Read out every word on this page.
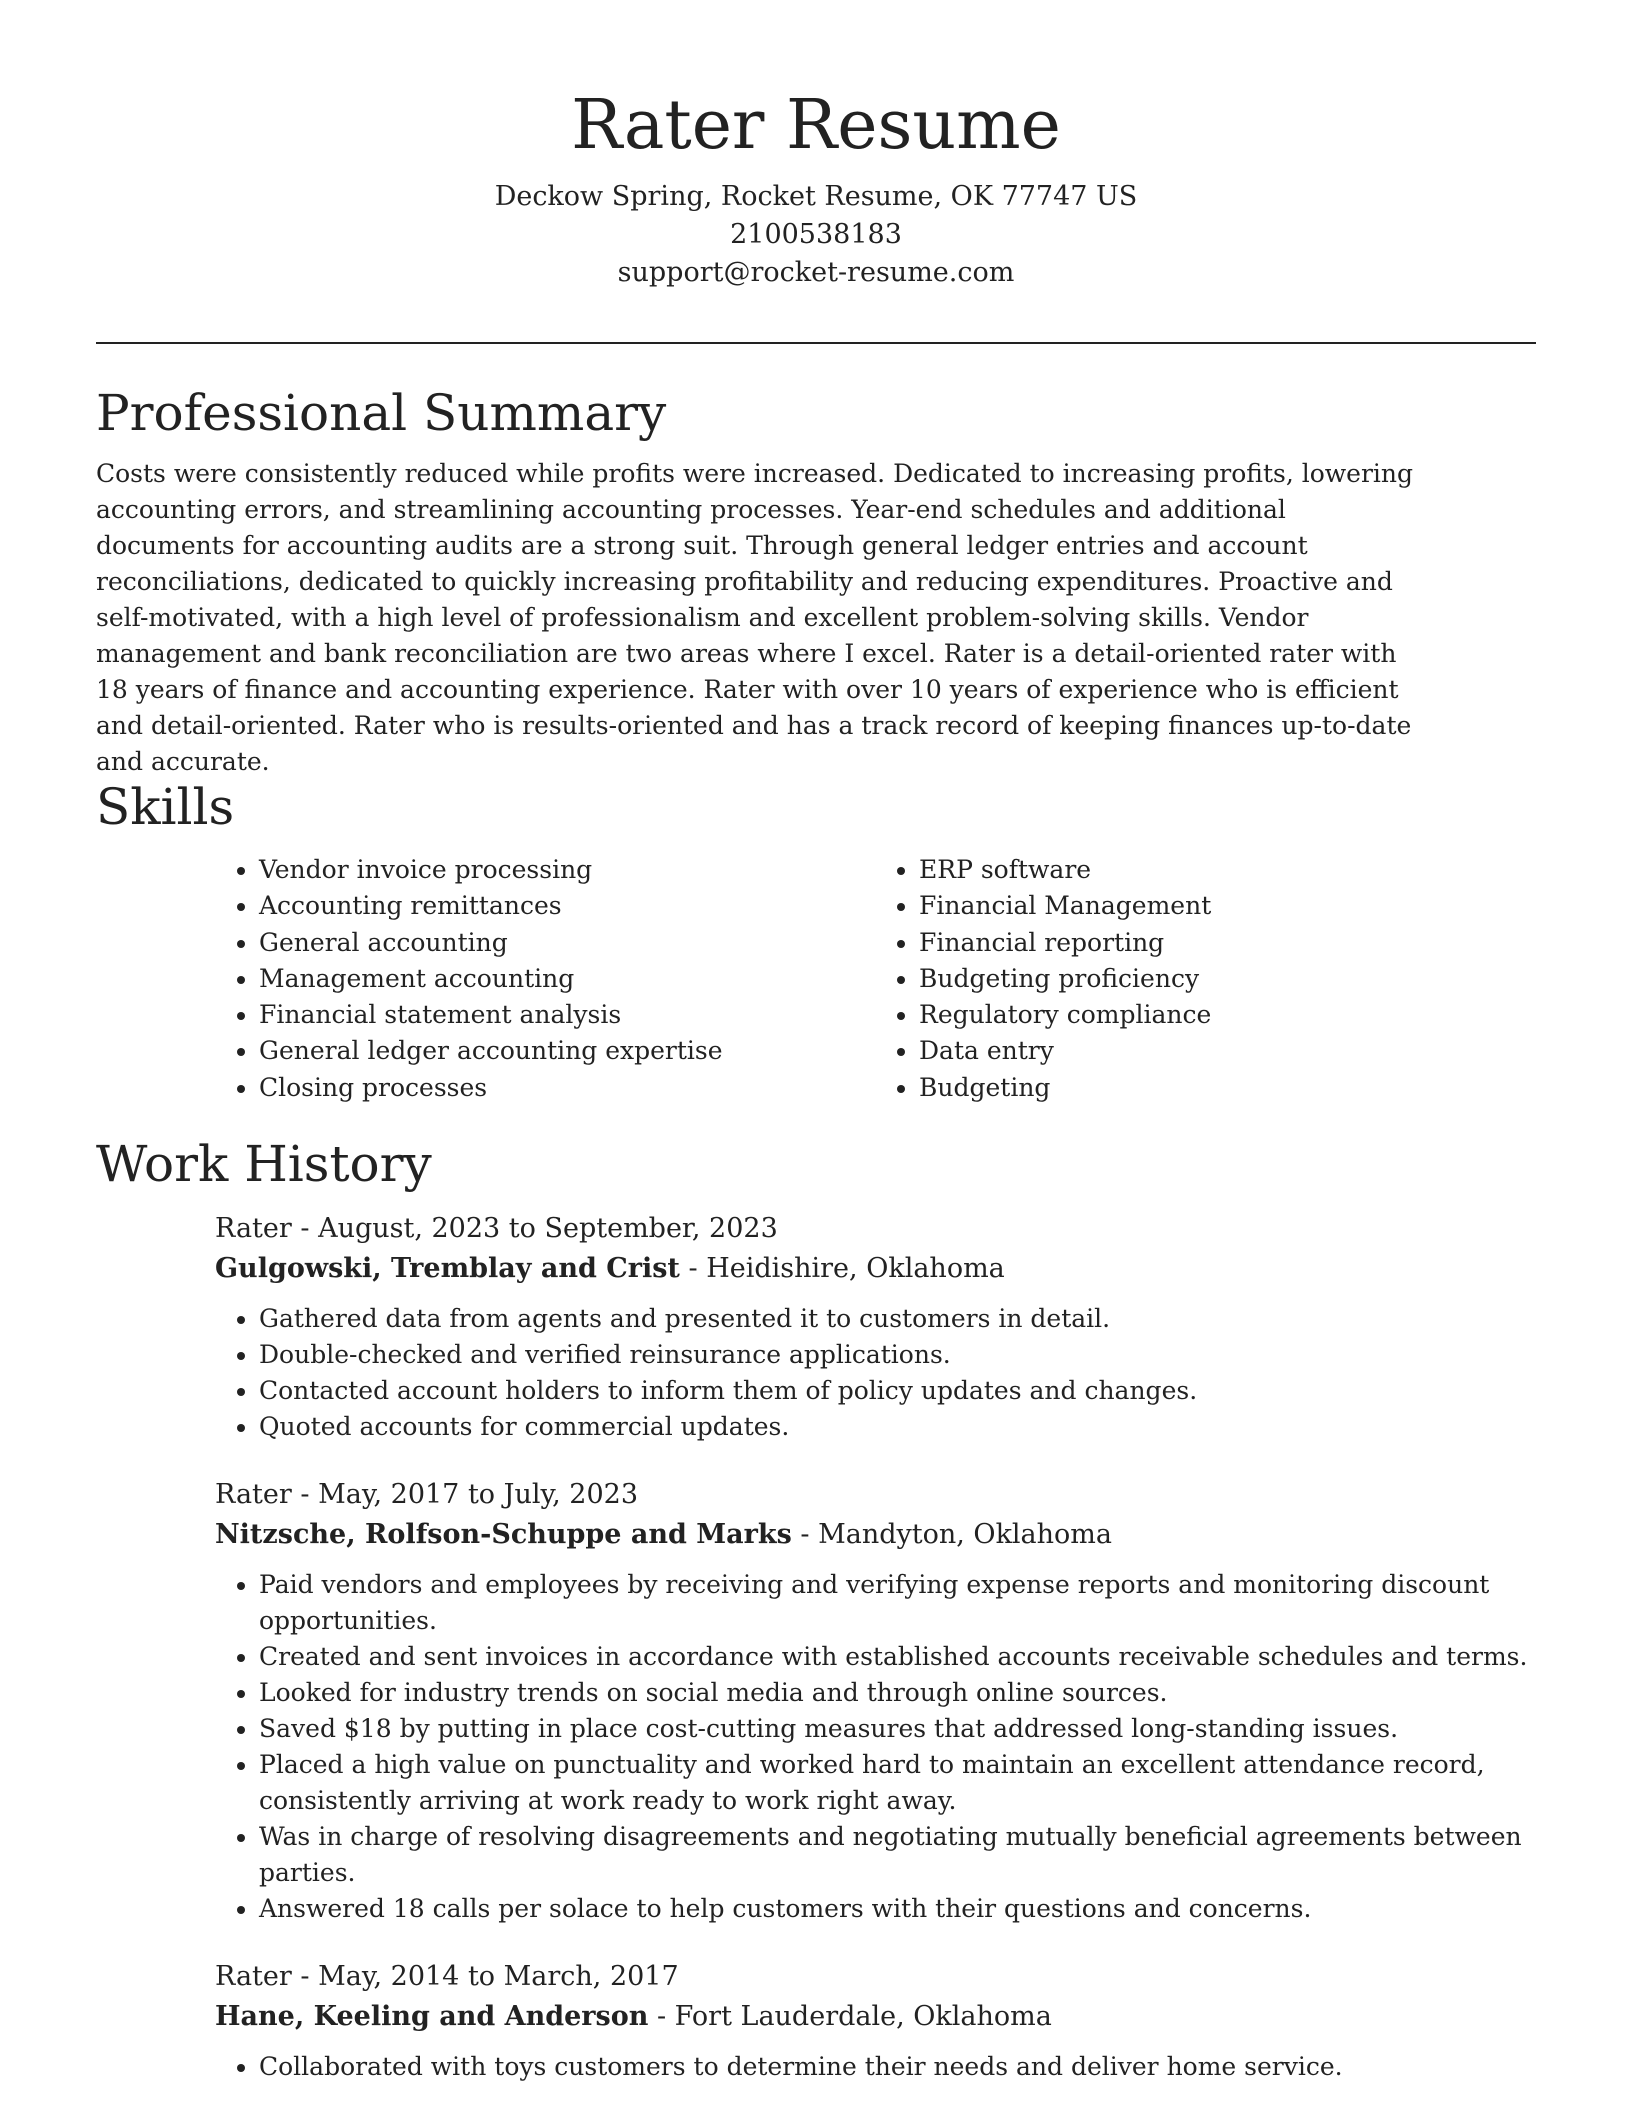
Rater Resume

Deckow Spring, Rocket Resume, OK 77747 US

2100538183

support@rocket-resume.com

Professional Summary

Costs were consistently reduced while profits were increased. Dedicated to increasing profits, lowering accounting errors, and streamlining accounting processes. Year-end schedules and additional documents for accounting audits are a strong suit. Through general ledger entries and account reconciliations, dedicated to quickly increasing profitability and reducing expenditures. Proactive and self-motivated, with a high level of professionalism and excellent problem-solving skills. Vendor management and bank reconciliation are two areas where I excel. Rater is a detail-oriented rater with 18 years of finance and accounting experience. Rater with over 10 years of experience who is efficient and detail-oriented. Rater who is results-oriented and has a track record of keeping finances up-to-date and accurate.

Skills
• Vendor invoice processing
• Accounting remittances
• General accounting
• Management accounting
• Financial statement analysis
• General ledger accounting expertise
• Closing processes
• ERP software
• Financial Management
• Financial reporting
• Budgeting proficiency
• Regulatory compliance
• Data entry
• Budgeting
Work History

Rater - August, 2023 to September, 2023

Gulgowski, Tremblay and Crist - Heidishire, Oklahoma

• Gathered data from agents and presented it to customers in detail.
• Double-checked and verified reinsurance applications.
• Contacted account holders to inform them of policy updates and changes.
• Quoted accounts for commercial updates.

Rater - May, 2017 to July, 2023

Nitzsche, Rolfson-Schuppe and Marks - Mandyton, Oklahoma

• Paid vendors and employees by receiving and verifying expense reports and monitoring discount opportunities.
• Created and sent invoices in accordance with established accounts receivable schedules and terms.
• Looked for industry trends on social media and through online sources.
• Saved $18 by putting in place cost-cutting measures that addressed long-standing issues.
• Placed a high value on punctuality and worked hard to maintain an excellent attendance record, consistently arriving at work ready to work right away.
• Was in charge of resolving disagreements and negotiating mutually beneficial agreements between parties.
• Answered 18 calls per solace to help customers with their questions and concerns.

Rater - May, 2014 to March, 2017

Hane, Keeling and Anderson - Fort Lauderdale, Oklahoma

• Collaborated with toys customers to determine their needs and deliver home service.
